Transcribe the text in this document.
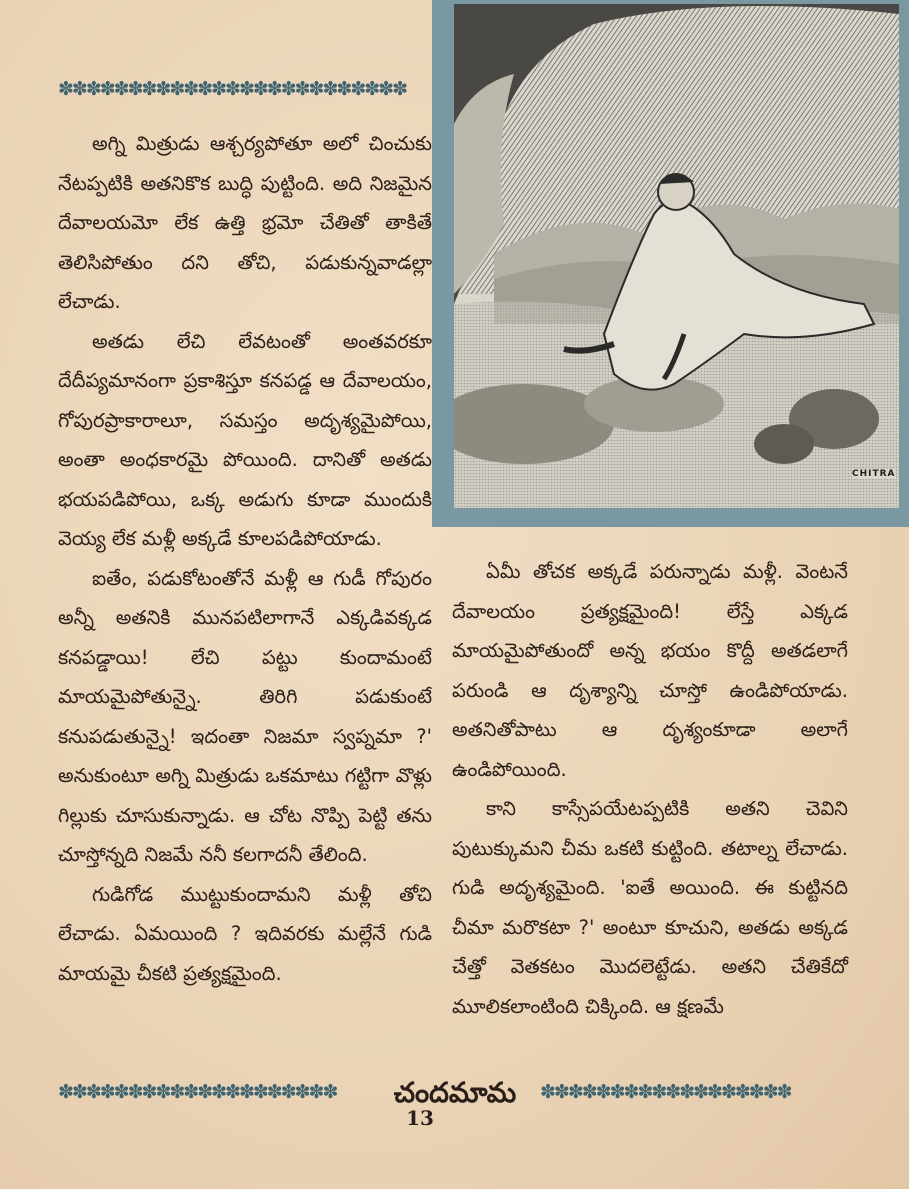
✽✽✽✽✽✽✽✽✽✽✽✽✽✽✽✽✽✽✽✽✽✽✽✽✽

అగ్ని మిత్రుడు ఆశ్చర్యపోతూ అలో చించుకు నేటప్పటికి అతనికొక బుద్ధి పుట్టింది. అది నిజమైన దేవాలయమో లేక ఉత్తి భ్రమో చేతితో తాకితే తెలిసిపోతుం దని తోచి, పడుకున్నవాడల్లా లేచాడు.

అతడు లేచి లేవటంతో అంతవరకూ దేదీప్యమానంగా ప్రకాశిస్తూ కనపడ్డ ఆ దేవాలయం, గోపురప్రాకారాలూ, సమస్తం అదృశ్యమైపోయి, అంతా అంధకారమై పోయింది. దానితో అతడు భయపడిపోయి, ఒక్క అడుగు కూడా ముందుకి వెయ్య లేక మళ్లీ అక్కడే కూలపడిపోయాడు.

ఐతేం, పడుకోటంతోనే మళ్లీ ఆ గుడీ గోపురం అన్నీ అతనికి మునపటిలాగానే ఎక్కడివక్కడ కనపడ్డాయి! లేచి పట్టు కుందామంటే మాయమైపోతున్నై. తిరిగి పడుకుంటే కనుపడుతున్నై! ఇదంతా నిజమా స్వప్నమా ?' అనుకుంటూ అగ్ని మిత్రుడు ఒకమాటు గట్టిగా వొళ్లు గిల్లుకు చూసుకున్నాడు. ఆ చోట నొప్పి పెట్టి తను చూస్తోన్నది నిజమే ననీ కలగాదనీ తేలింది.

గుడిగోడ ముట్టుకుందామని మళ్లీ తోచి లేచాడు. ఏమయింది ? ఇదివరకు మల్లేనే గుడి మాయమై చీకటి ప్రత్యక్షమైంది.

CHITRA

ఏమీ తోచక అక్కడే పరున్నాడు మళ్లీ. వెంటనే దేవాలయం ప్రత్యక్షమైంది! లేస్తే ఎక్కడ మాయమైపోతుందో అన్న భయం కొద్దీ అతడలాగే పరుండి ఆ దృశ్యాన్ని చూస్తో ఉండిపోయాడు. అతనితోపాటు ఆ దృశ్యంకూడా అలాగే ఉండిపోయింది.

కాని కాస్సేపయేటప్పటికి అతని చెవిని పుటుక్కుమని చీమ ఒకటి కుట్టింది. తటాల్న లేచాడు. గుడి అదృశ్యమైంది. 'ఐతే అయింది. ఈ కుట్టినది చీమా మరొకటా ?' అంటూ కూచుని, అతడు అక్కడ చేత్తో వెతకటం మొదలెట్టేడు. అతని చేతికేదో మూలికలాంటింది చిక్కింది. ఆ క్షణమే

✽✽✽✽✽✽✽✽✽✽✽✽✽✽✽✽✽✽✽✽	చందమామ	✽✽✽✽✽✽✽✽✽✽✽✽✽✽✽✽✽✽
13
